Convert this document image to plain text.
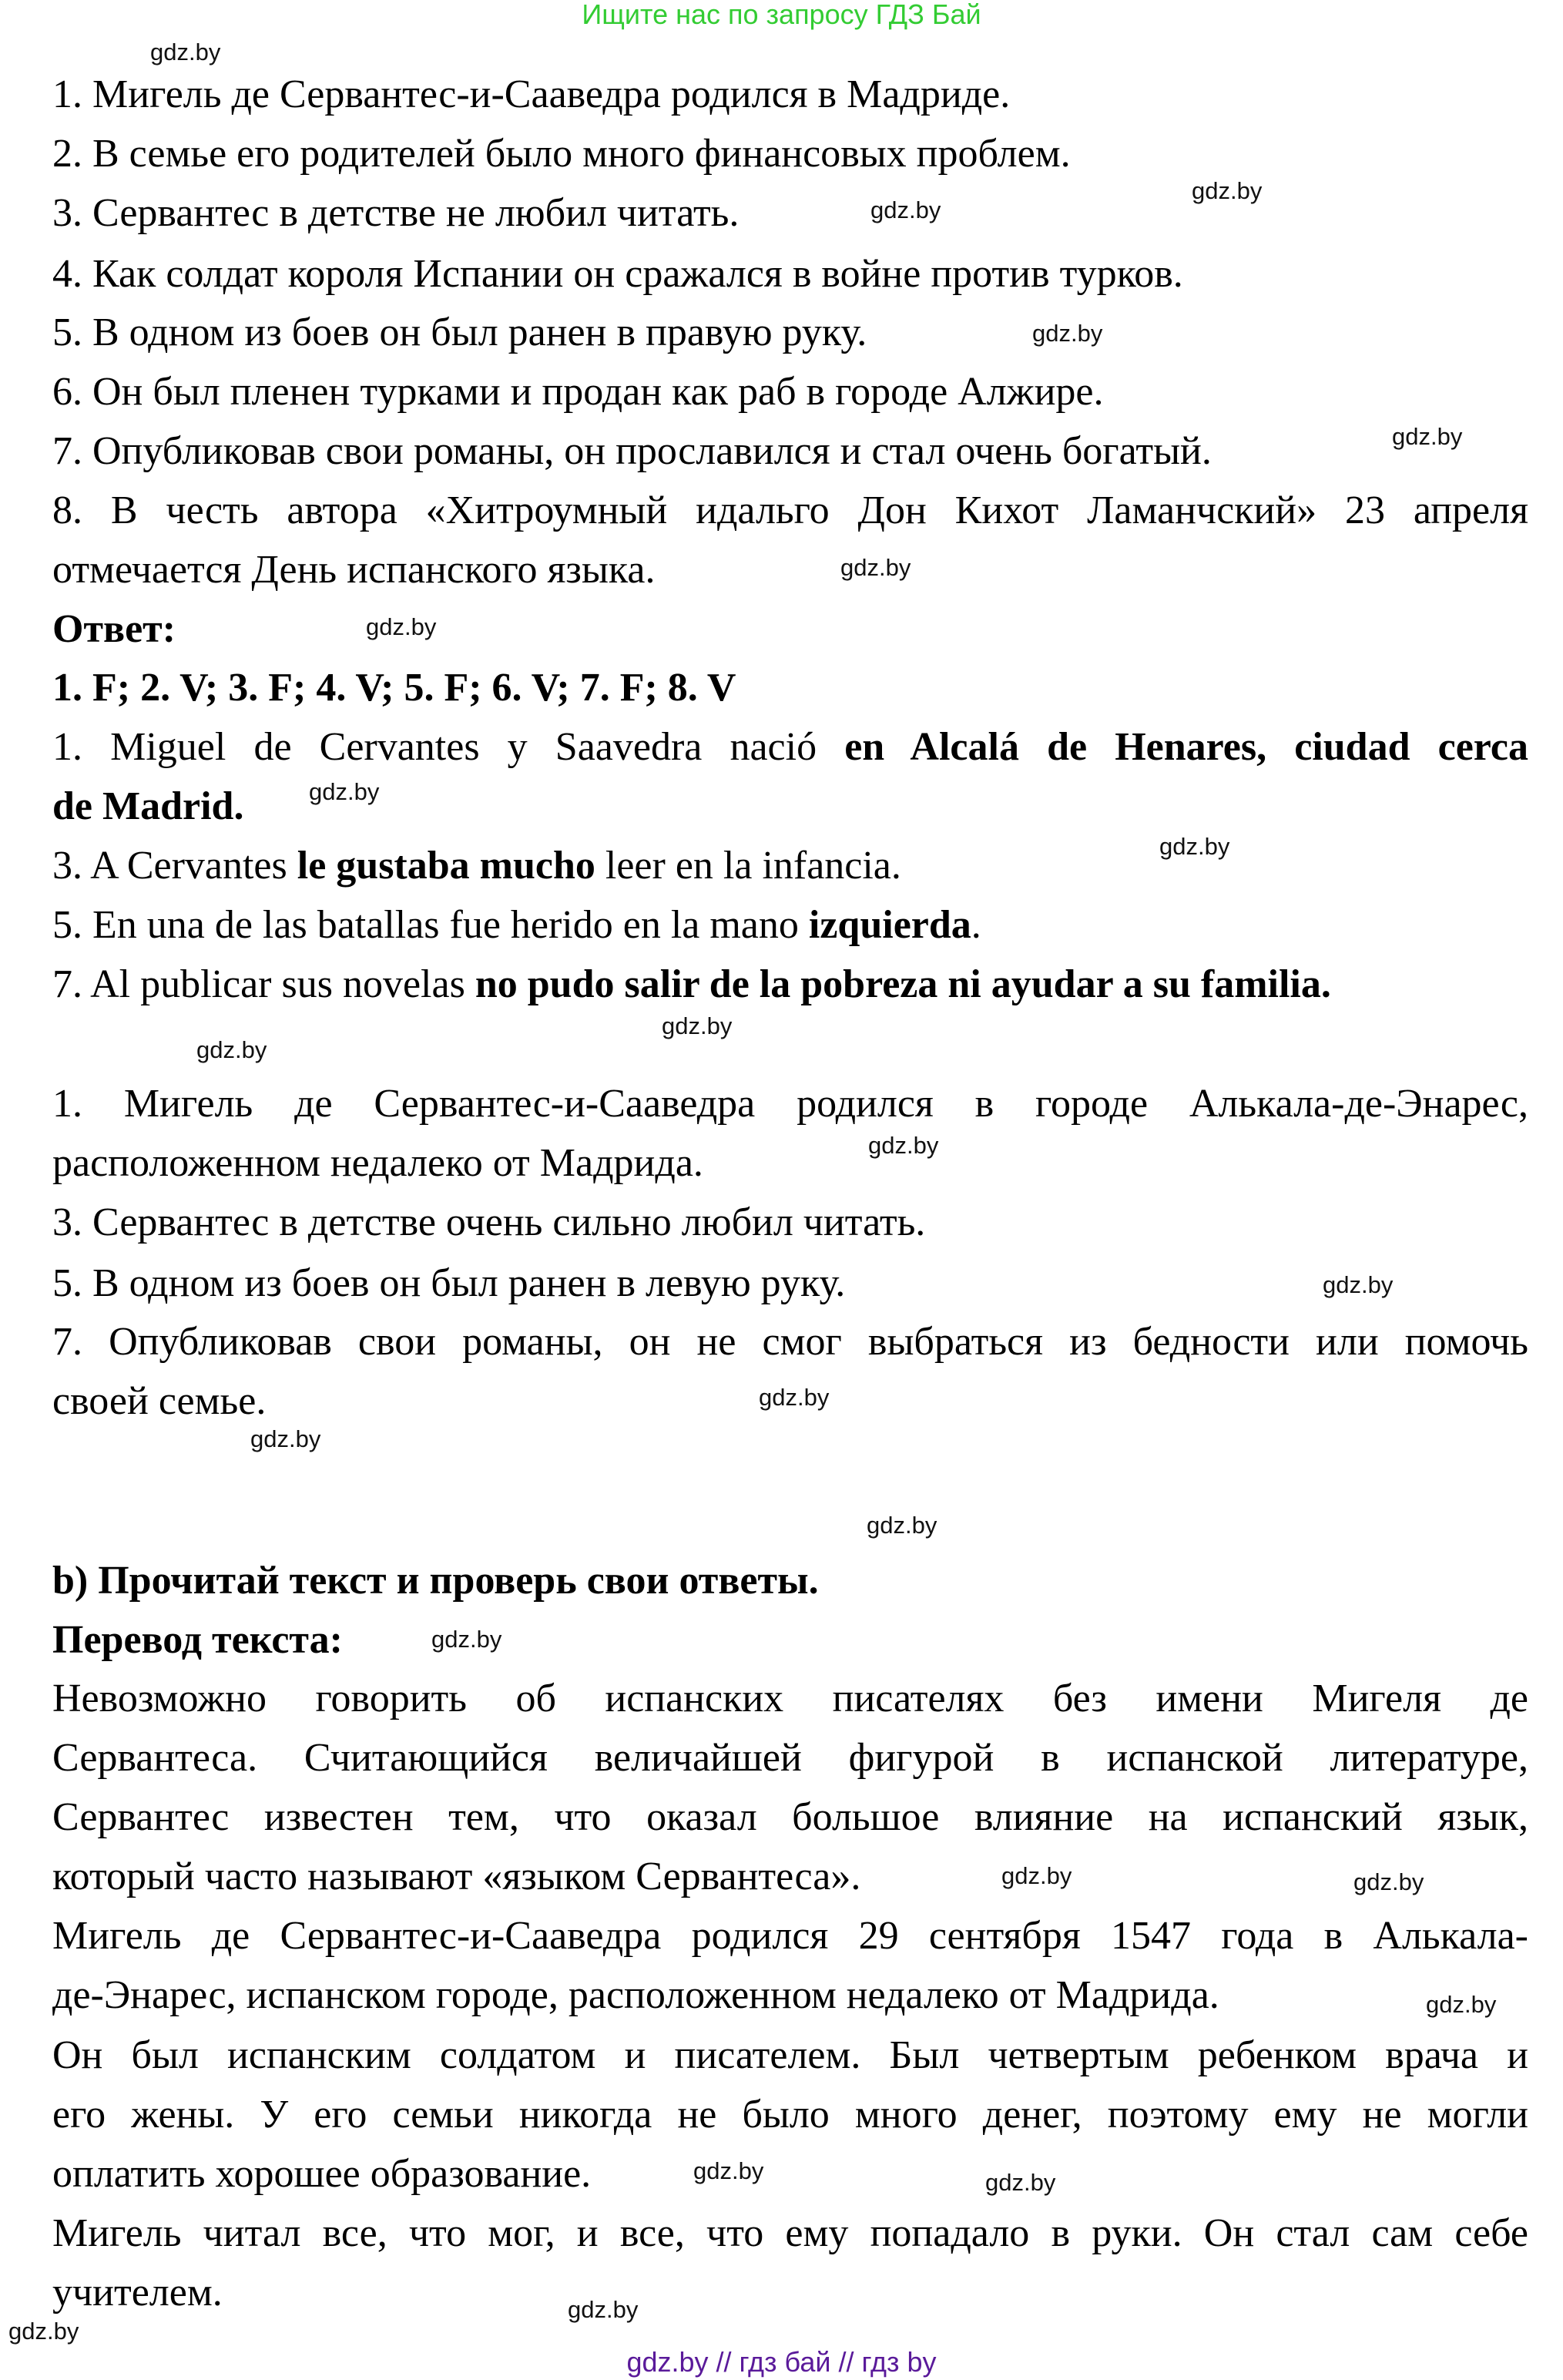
Ищите нас по запросу ГДЗ Бай
1. Мигель де Сервантес-и-Сааведра родился в Мадриде.
2. В семье его родителей было много финансовых проблем.
3. Сервантес в детстве не любил читать.
4. Как солдат короля Испании он сражался в войне против турков.
5. В одном из боев он был ранен в правую руку.
6. Он был пленен турками и продан как раб в городе Алжире.
7. Опубликовав свои романы, он прославился и стал очень богатый.
8. В честь автора «Хитроумный идальго Дон Кихот Ламанчский» 23 апреля
отмечается День испанского языка.
Ответ:
1. F; 2. V; 3. F; 4. V; 5. F; 6. V; 7. F; 8. V
1. Miguel de Cervantes y Saavedra nació en Alcalá de Henares, ciudad cerca
de Madrid.
3. A Cervantes le gustaba mucho leer en la infancia.
5. En una de las batallas fue herido en la mano izquierda.
7. Al publicar sus novelas no pudo salir de la pobreza ni ayudar a su familia.
1. Мигель де Сервантес-и-Сааведра родился в городе Алькала-де-Энарес,
расположенном недалеко от Мадрида.
3. Сервантес в детстве очень сильно любил читать.
5. В одном из боев он был ранен в левую руку.
7. Опубликовав свои романы, он не смог выбраться из бедности или помочь
своей семье.
b) Прочитай текст и проверь свои ответы.
Перевод текста:
Невозможно говорить об испанских писателях без имени Мигеля де
Сервантеса. Считающийся величайшей фигурой в испанской литературе,
Сервантес известен тем, что оказал большое влияние на испанский язык,
который часто называют «языком Сервантеса».
Мигель де Сервантес-и-Сааведра родился 29 сентября 1547 года в Алькала-
де-Энарес, испанском городе, расположенном недалеко от Мадрида.
Он был испанским солдатом и писателем. Был четвертым ребенком врача и
его жены. У его семьи никогда не было много денег, поэтому ему не могли
оплатить хорошее образование.
Мигель читал все, что мог, и все, что ему попадало в руки. Он стал сам себе
учителем.
gdz.by
gdz.by
gdz.by
gdz.by
gdz.by
gdz.by
gdz.by
gdz.by
gdz.by
gdz.by
gdz.by
gdz.by
gdz.by
gdz.by
gdz.by
gdz.by
gdz.by
gdz.by	gdz.by
gdz.by
gdz.by
gdz.by
gdz.by
gdz.by
gdz.by // гдз бай // гдз by
